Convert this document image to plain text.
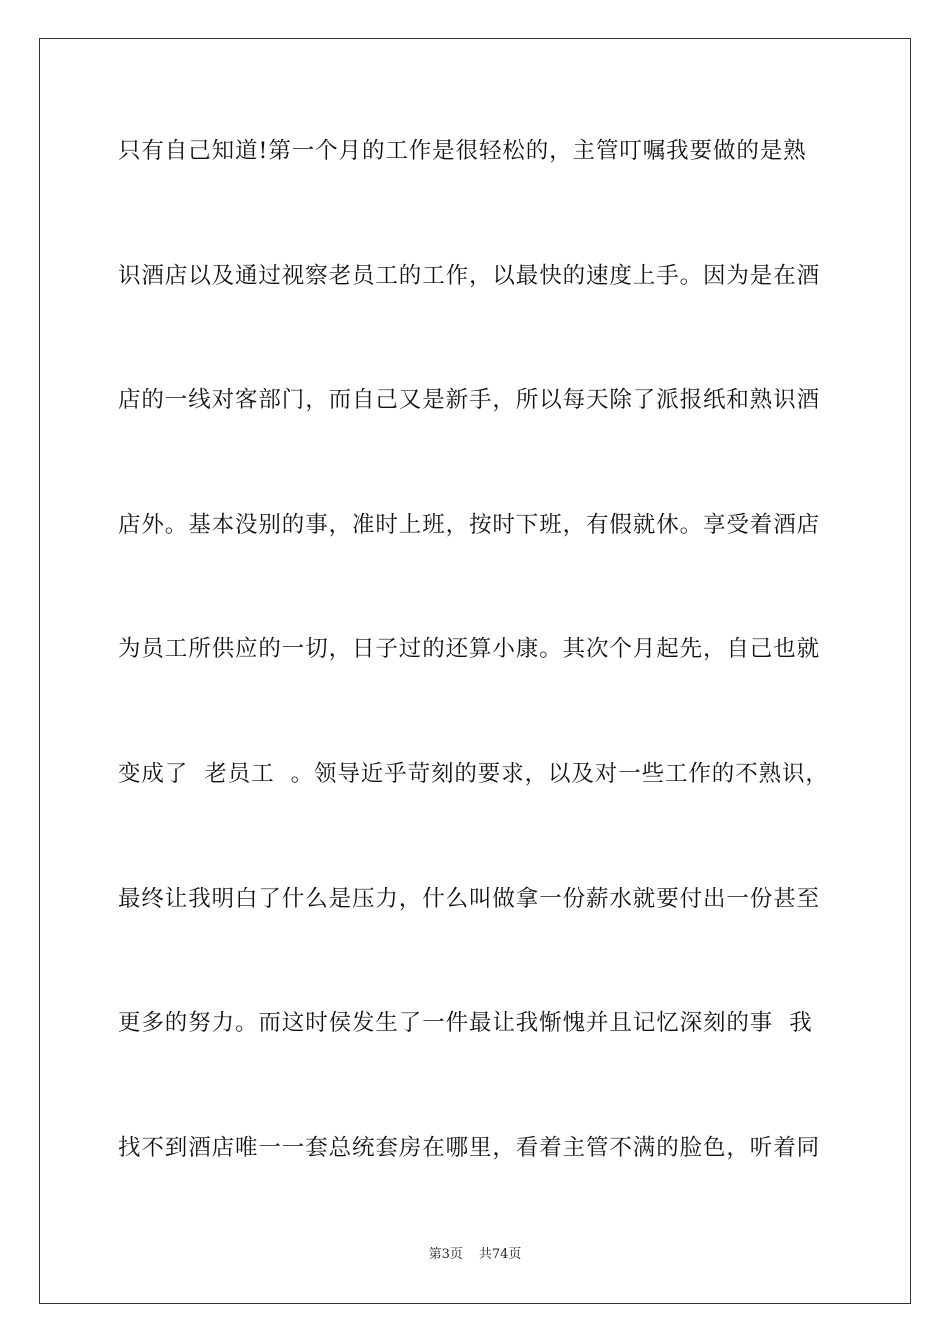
只有自己知道!第一个月的工作是很轻松的，主管叮嘱我要做的是熟
识酒店以及通过视察老员工的工作，以最快的速度上手。因为是在酒
店的一线对客部门，而自己又是新手，所以每天除了派报纸和熟识酒
店外。基本没别的事，准时上班，按时下班，有假就休。享受着酒店
为员工所供应的一切，日子过的还算小康。其次个月起先，自己也就
变成了  老员工  。领导近乎苛刻的要求，以及对一些工作的不熟识，
最终让我明白了什么是压力，什么叫做拿一份薪水就要付出一份甚至
更多的努力。而这时侯发生了一件最让我惭愧并且记忆深刻的事  我
找不到酒店唯一一套总统套房在哪里，看着主管不满的脸色，听着同
第3页 共74页
